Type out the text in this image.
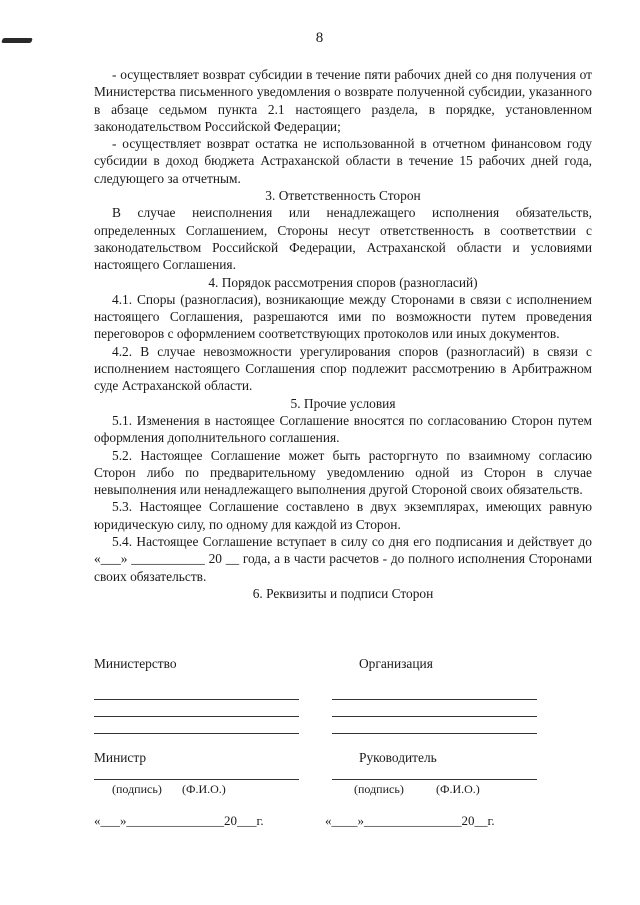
8

- осуществляет возврат субсидии в течение пяти рабочих дней со дня получения от Министерства письменного уведомления о возврате полученной субсидии, указанного в абзаце седьмом пункта 2.1 настоящего раздела, в порядке, установленном законодательством Российской Федерации;

- осуществляет возврат остатка не использованной в отчетном финансовом году субсидии в доход бюджета Астраханской области в течение 15 рабочих дней года, следующего за отчетным.

3. Ответственность Сторон

В случае неисполнения или ненадлежащего исполнения обязательств, определенных Соглашением, Стороны несут ответственность в соответствии с законодательством Российской Федерации, Астраханской области и условиями настоящего Соглашения.

4. Порядок рассмотрения споров (разногласий)

4.1. Споры (разногласия), возникающие между Сторонами в связи с исполнением настоящего Соглашения, разрешаются ими по возможности путем проведения переговоров с оформлением соответствующих протоколов или иных документов.

4.2. В случае невозможности урегулирования споров (разногласий) в связи с исполнением настоящего Соглашения спор подлежит рассмотрению в Арбитражном суде Астраханской области.

5. Прочие условия

5.1. Изменения в настоящее Соглашение вносятся по согласованию Сторон путем оформления дополнительного соглашения.

5.2. Настоящее Соглашение может быть расторгнуто по взаимному согласию Сторон либо по предварительному уведомлению одной из Сторон в случае невыполнения или ненадлежащего выполнения другой Стороной своих обязательств.

5.3. Настоящее Соглашение составлено в двух экземплярах, имеющих равную юридическую силу, по одному для каждой из Сторон.

5.4. Настоящее Соглашение вступает в силу со дня его подписания и действует до «___» ___________ 20 __ года, а в части расчетов - до полного исполнения Сторонами своих обязательств.

6. Реквизиты и подписи Сторон

Министерство
Министр
(подпись) (Ф.И.О.)
«___»_______________20___г.
Организация
Руководитель
(подпись)	(Ф.И.О.)
«____»_______________20__г.
